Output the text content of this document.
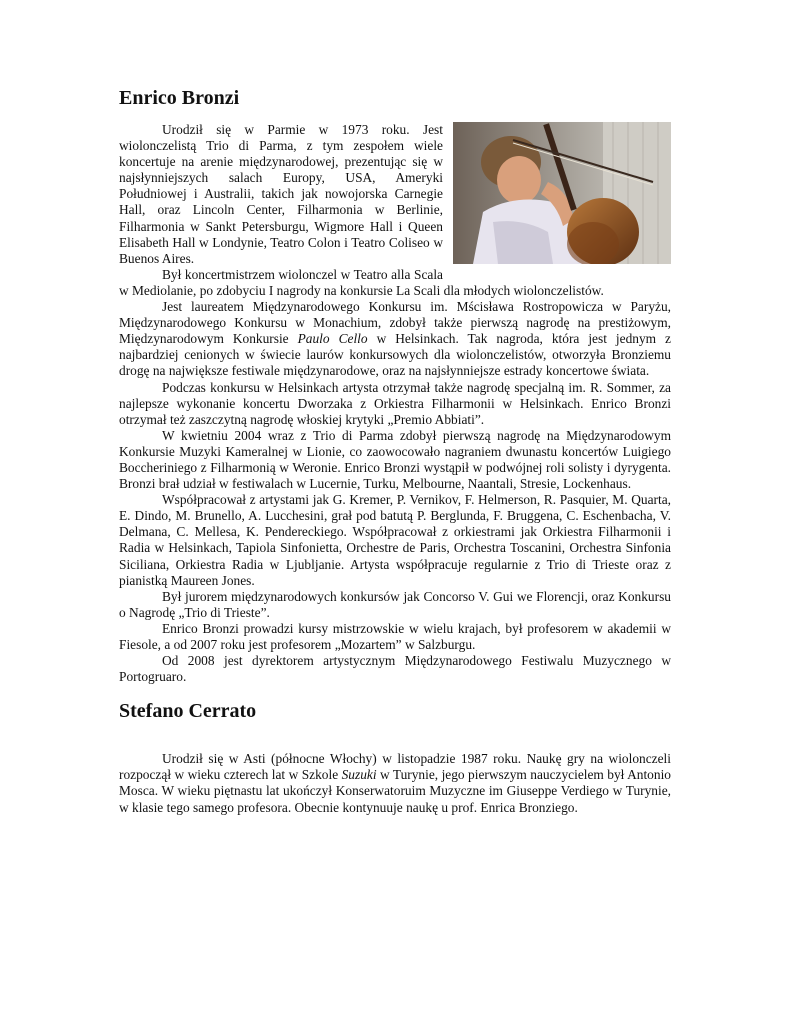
Enrico Bronzi

Urodził się w Parmie w 1973 roku. Jest wiolonczelistą Trio di Parma, z tym zespołem wiele koncertuje na arenie międzynarodowej, prezentując się w najsłynniejszych salach Europy, USA, Ameryki Południowej i Australii, takich jak nowojorska Carnegie Hall, oraz Lincoln Center, Filharmonia w Berlinie, Filharmonia w Sankt Petersburgu, Wigmore Hall i Queen Elisabeth Hall w Londynie, Teatro Colon i Teatro Coliseo w Buenos Aires.

Był koncertmistrzem wiolonczel w Teatro alla Scala w Mediolanie, po zdobyciu I nagrody na konkursie La Scali dla młodych wiolonczelistów.

Jest laureatem Międzynarodowego Konkursu im. Mścisława Rostropowicza w Paryżu, Międzynarodowego Konkursu w Monachium, zdobył także pierwszą nagrodę na prestiżowym, Międzynarodowym Konkursie Paulo Cello w Helsinkach. Tak nagroda, która jest jednym z najbardziej cenionych w świecie laurów konkursowych dla wiolonczelistów, otworzyła Bronziemu drogę na największe festiwale międzynarodowe, oraz na najsłynniejsze estrady koncertowe świata.

Podczas konkursu w Helsinkach artysta otrzymał także nagrodę specjalną im. R. Sommer, za najlepsze wykonanie koncertu Dworzaka z Orkiestra Filharmonii w Helsinkach. Enrico Bronzi otrzymał też zaszczytną nagrodę włoskiej krytyki „Premio Abbiati”.

W kwietniu 2004 wraz z Trio di Parma zdobył pierwszą nagrodę na Międzynarodowym Konkursie Muzyki Kameralnej w Lionie, co zaowocowało nagraniem dwunastu koncertów Luigiego Boccheriniego z Filharmonią w Weronie. Enrico Bronzi wystąpił w podwójnej roli solisty i dyrygenta. Bronzi brał udział w festiwalach w Lucernie, Turku, Melbourne, Naantali, Stresie, Lockenhaus.

Współpracował z artystami jak G. Kremer, P. Vernikov, F. Helmerson, R. Pasquier, M. Quarta, E. Dindo, M. Brunello, A. Lucchesini, grał pod batutą P. Berglunda, F. Bruggena, C. Eschenbacha, V. Delmana, C. Mellesa, K. Pendereckiego. Współpracował z orkiestrami jak Orkiestra Filharmonii i Radia w Helsinkach, Tapiola Sinfonietta, Orchestre de Paris, Orchestra Toscanini, Orchestra Sinfonia Siciliana, Orkiestra Radia w Ljubljanie. Artysta współpracuje regularnie z Trio di Trieste oraz z pianistką Maureen Jones.

Był jurorem międzynarodowych konkursów jak Concorso V. Gui we Florencji, oraz Konkursu o Nagrodę „Trio di Trieste”.

Enrico Bronzi prowadzi kursy mistrzowskie w wielu krajach, był profesorem w akademii w Fiesole, a od 2007 roku jest profesorem „Mozartem” w Salzburgu.

Od 2008 jest dyrektorem artystycznym Międzynarodowego Festiwalu Muzycznego w Portogruaro.

Stefano Cerrato

Urodził się w Asti (północne Włochy) w listopadzie 1987 roku. Naukę gry na wiolonczeli rozpoczął w wieku czterech lat w Szkole Suzuki w Turynie, jego pierwszym nauczycielem był Antonio Mosca. W wieku piętnastu lat ukończył Konserwatoruim Muzyczne im Giuseppe Verdiego w Turynie, w klasie tego samego profesora. Obecnie kontynuuje naukę u prof. Enrica Bronziego.
